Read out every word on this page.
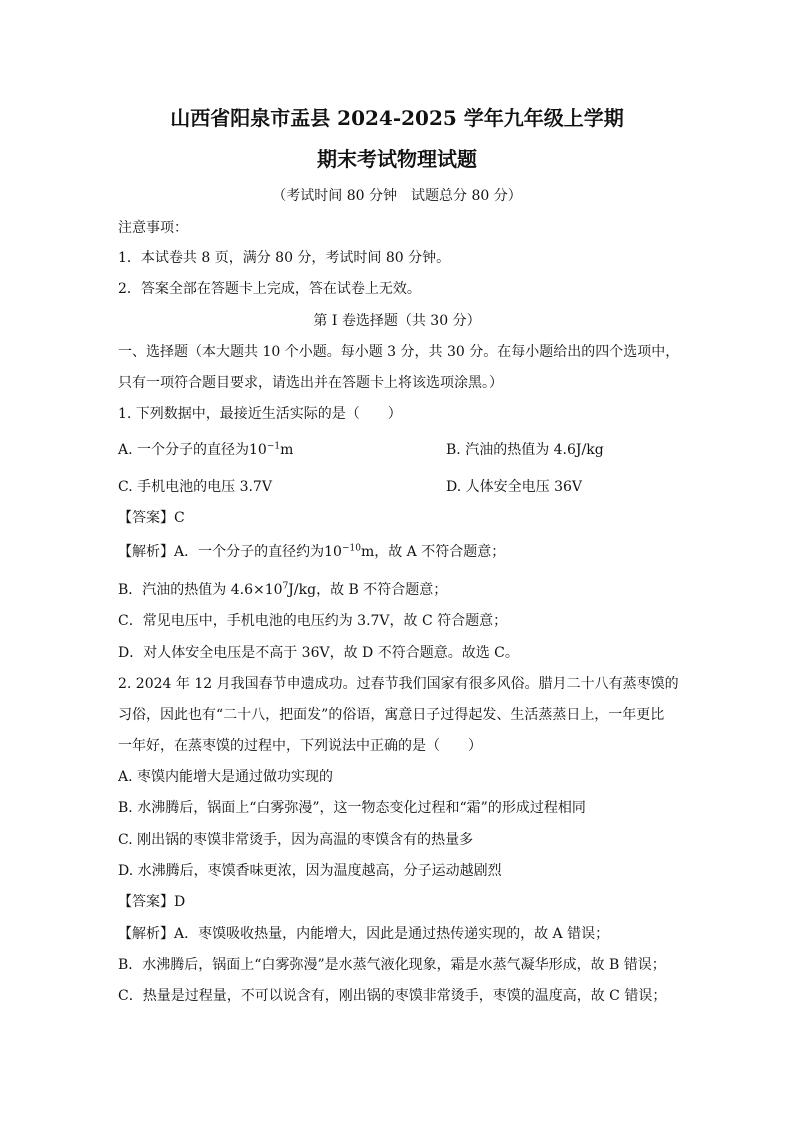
山西省阳泉市盂县 2024-2025 学年九年级上学期
期末考试物理试题
（考试时间 80 分钟　试题总分 80 分）
注意事项：
1．本试卷共 8 页，满分 80 分，考试时间 80 分钟。
2．答案全部在答题卡上完成，答在试卷上无效。
第 I 卷选择题（共 30 分）
一、选择题（本大题共 10 个小题。每小题 3 分，共 30 分。在每小题给出的四个选项中，
只有一项符合题目要求，请选出并在答题卡上将该选项涂黑。）
1. 下列数据中，最接近生活实际的是（　　）
A. 一个分子的直径为$10^{-1}m$	B. 汽油的热值为 4.6J/kg
C. 手机电池的电压 3.7V	D. 人体安全电压 36V
【答案】C
【解析】A．一个分子的直径约为$10^{-10}m$，故 A 不符合题意；
B．汽油的热值为 $4.6\times 10^7J/kg$，故 B 不符合题意；
C．常见电压中，手机电池的电压约为 3.7V，故 C 符合题意；
D．对人体安全电压是不高于 36V，故 D 不符合题意。故选 C。
2. 2024 年 12 月我国春节申遗成功。过春节我们国家有很多风俗。腊月二十八有蒸枣馍的
习俗，因此也有“二十八，把面发”的俗语，寓意日子过得起发、生活蒸蒸日上，一年更比
一年好，在蒸枣馍的过程中，下列说法中正确的是（　　）
A. 枣馍内能增大是通过做功实现的
B. 水沸腾后，锅面上“白雾弥漫”，这一物态变化过程和“霜”的形成过程相同
C. 刚出锅的枣馍非常烫手，因为高温的枣馍含有的热量多
D. 水沸腾后，枣馍香味更浓，因为温度越高，分子运动越剧烈
【答案】D
【解析】A．枣馍吸收热量，内能增大，因此是通过热传递实现的，故 A 错误；
B．水沸腾后，锅面上“白雾弥漫”是水蒸气液化现象，霜是水蒸气凝华形成，故 B 错误；
C．热量是过程量，不可以说含有，刚出锅的枣馍非常烫手，枣馍的温度高，故 C 错误；
